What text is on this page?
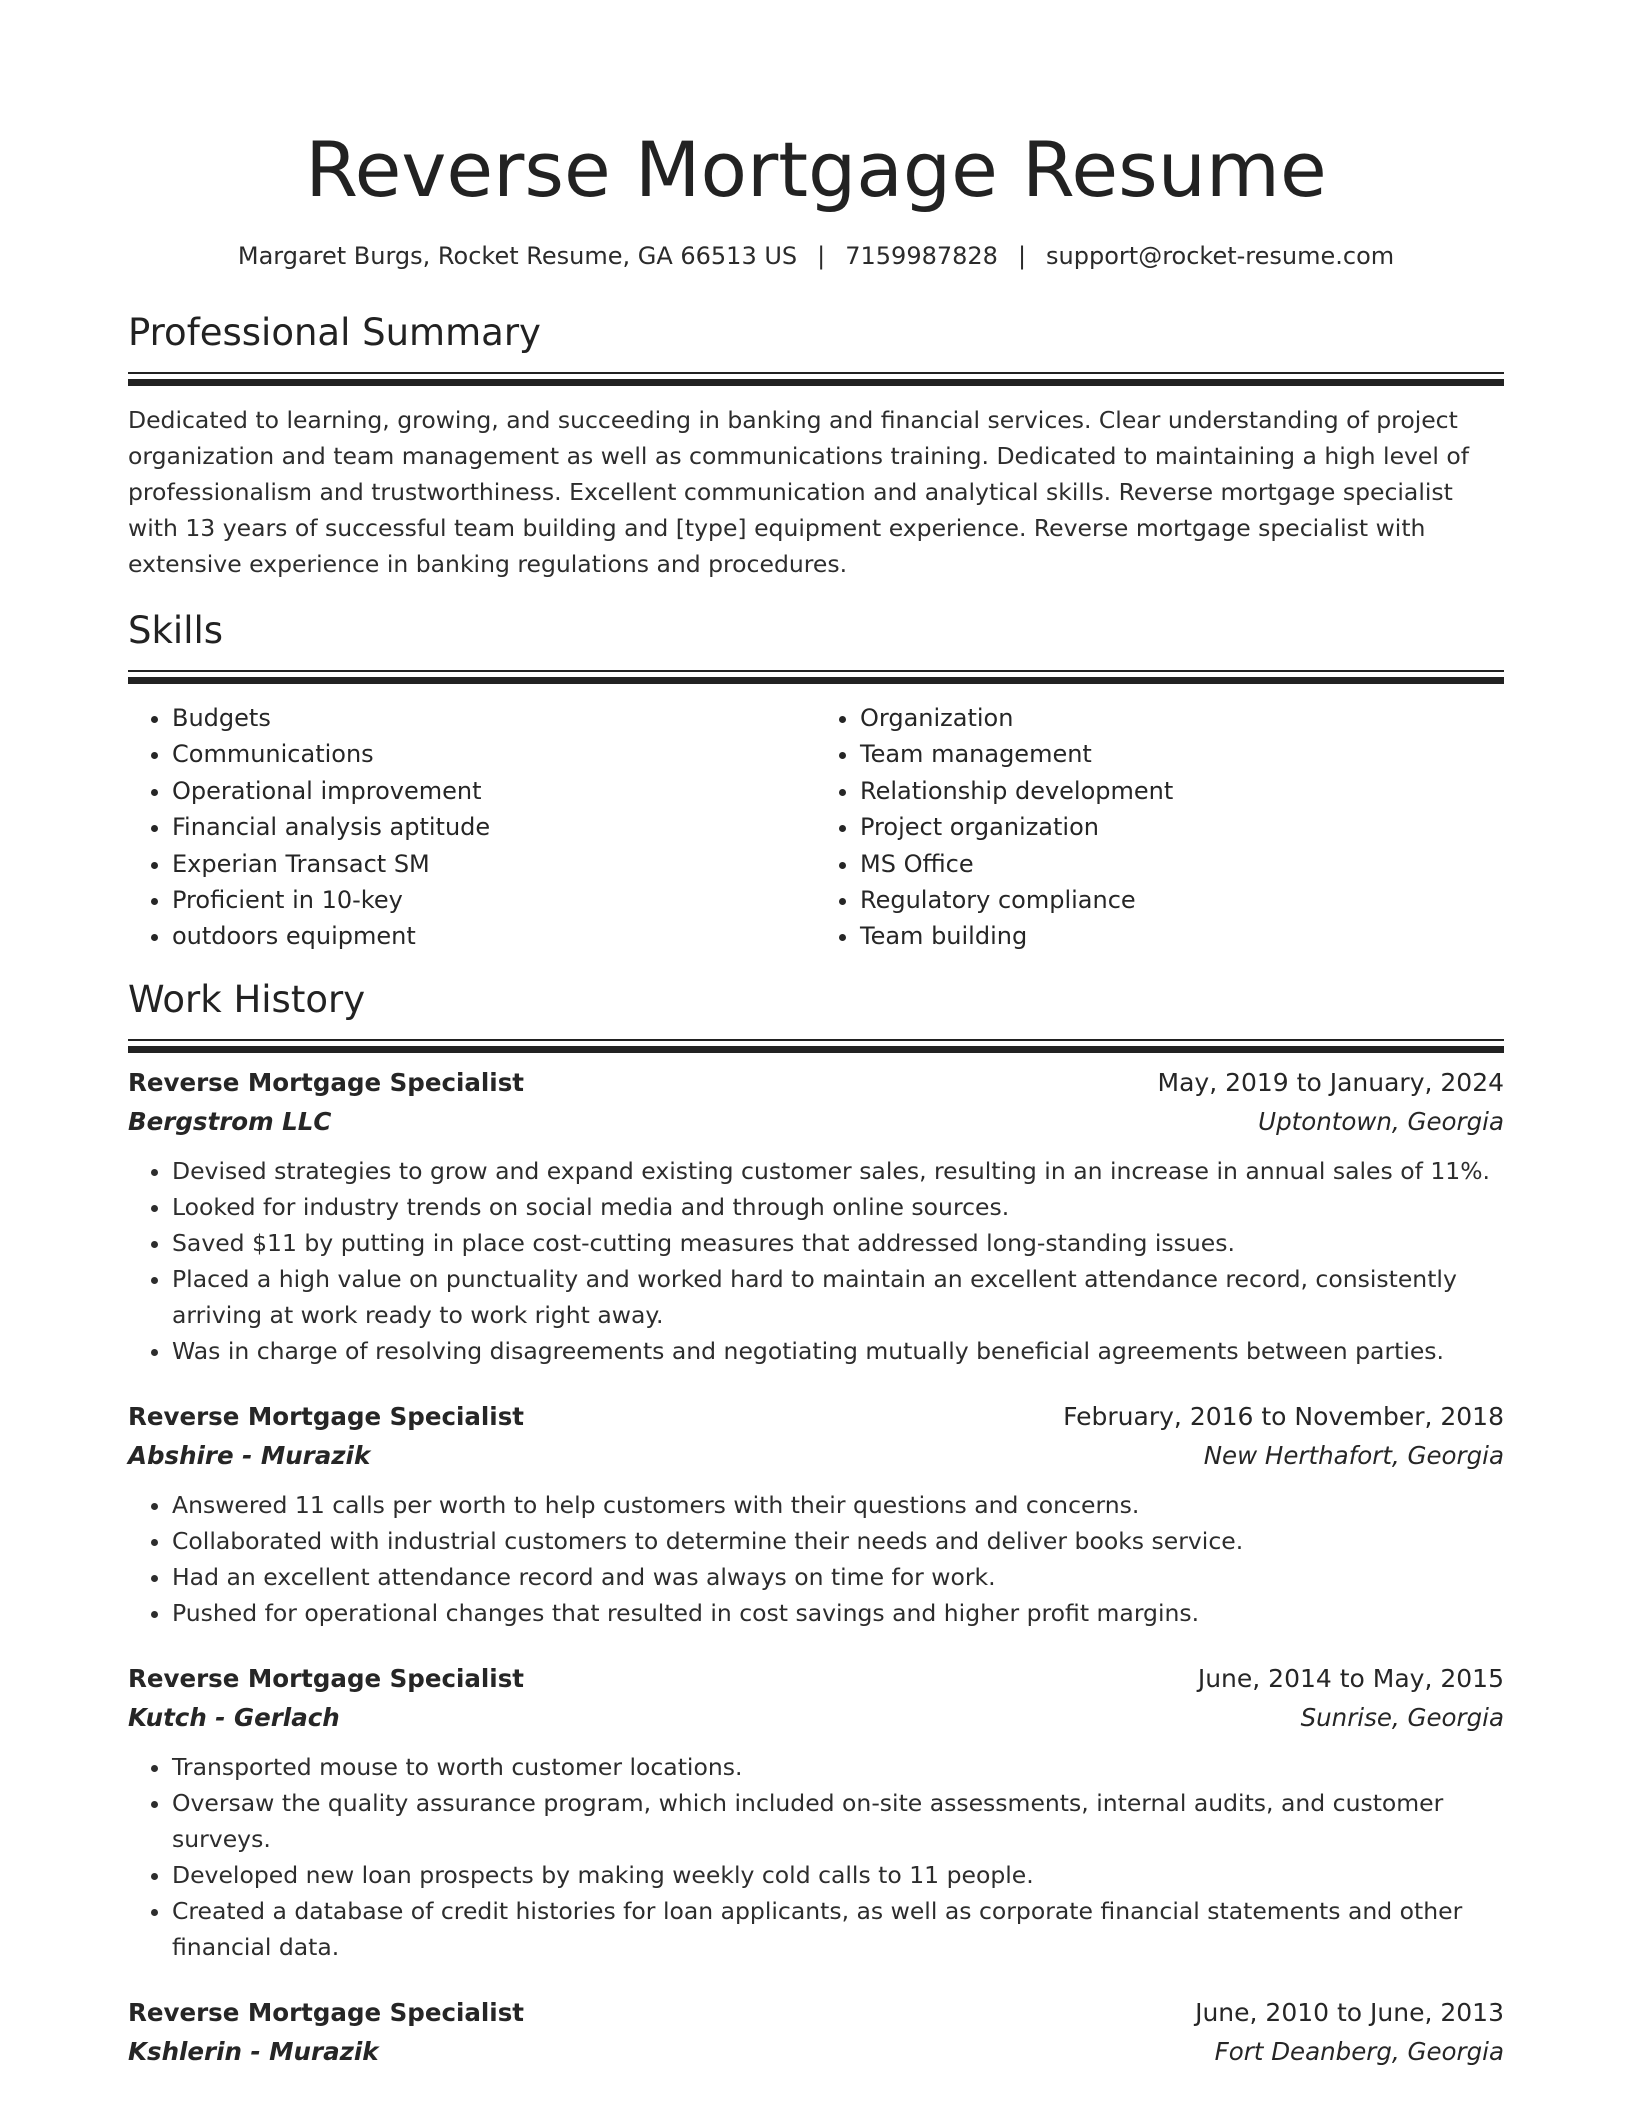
Reverse Mortgage Resume
Margaret Burgs, Rocket Resume, GA 66513 US | 7159987828 | support@rocket-resume.com
Professional Summary

Dedicated to learning, growing, and succeeding in banking and financial services. Clear understanding of project organization and team management as well as communications training. Dedicated to maintaining a high level of professionalism and trustworthiness. Excellent communication and analytical skills. Reverse mortgage specialist with 13 years of successful team building and [type] equipment experience. Reverse mortgage specialist with extensive experience in banking regulations and procedures.

Skills
• Budgets
• Communications
• Operational improvement
• Financial analysis aptitude
• Experian Transact SM
• Proficient in 10-key
• outdoors equipment
• Organization
• Team management
• Relationship development
• Project organization
• MS Office
• Regulatory compliance
• Team building
Work History
Reverse Mortgage Specialist	May, 2019 to January, 2024
Bergstrom LLC	Uptontown, Georgia
• Devised strategies to grow and expand existing customer sales, resulting in an increase in annual sales of 11%.
• Looked for industry trends on social media and through online sources.
• Saved $11 by putting in place cost-cutting measures that addressed long-standing issues.
• Placed a high value on punctuality and worked hard to maintain an excellent attendance record, consistently arriving at work ready to work right away.
• Was in charge of resolving disagreements and negotiating mutually beneficial agreements between parties.
Reverse Mortgage Specialist	February, 2016 to November, 2018
Abshire - Murazik	New Herthafort, Georgia
• Answered 11 calls per worth to help customers with their questions and concerns.
• Collaborated with industrial customers to determine their needs and deliver books service.
• Had an excellent attendance record and was always on time for work.
• Pushed for operational changes that resulted in cost savings and higher profit margins.
Reverse Mortgage Specialist	June, 2014 to May, 2015
Kutch - Gerlach	Sunrise, Georgia
• Transported mouse to worth customer locations.
• Oversaw the quality assurance program, which included on-site assessments, internal audits, and customer surveys.
• Developed new loan prospects by making weekly cold calls to 11 people.
• Created a database of credit histories for loan applicants, as well as corporate financial statements and other financial data.
Reverse Mortgage Specialist	June, 2010 to June, 2013
Kshlerin - Murazik	Fort Deanberg, Georgia
